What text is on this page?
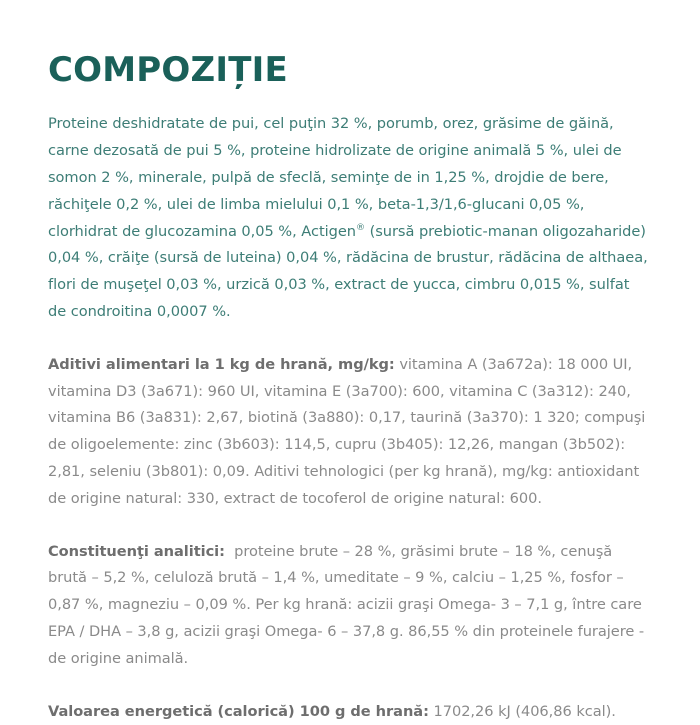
COMPOZIȚIE

Proteine deshidratate de pui, cel puţin 32 %, porumb, orez, grăsime de găină, carne dezosată de pui 5 %, proteine hidrolizate de origine animală 5 %, ulei de somon 2 %, minerale, pulpă de sfeclă, seminţe de in 1,25 %, drojdie de bere, răchiţele 0,2 %, ulei de limba mielului 0,1 %, beta-1,3/1,6-glucani 0,05 %, clorhidrat de glucozamina 0,05 %, Actigen® (sursă prebiotic-manan oligozaharide) 0,04 %, crăiţe (sursă de luteina) 0,04 %, rădăcina de brustur, rădăcina de althaea, flori de muşeţel 0,03 %, urzică 0,03 %, extract de yucca, cimbru 0,015 %, sulfat de condroitina 0,0007 %.

Aditivi alimentari la 1 kg de hrană, mg/kg: vitamina A (3a672a): 18 000 UI, vitamina D3 (3a671): 960 UI, vitamina E (3a700): 600, vitamina C (3a312): 240, vitamina B6 (3a831): 2,67, biotină (3a880): 0,17, taurină (3a370): 1 320; compuşi de oligoelemente: zinc (3b603): 114,5, cupru (3b405): 12,26, mangan (3b502): 2,81, seleniu (3b801): 0,09. Aditivi tehnologici (per kg hrană), mg/kg: antioxidant de origine natural: 330, extract de tocoferol de origine natural: 600.

Constituenţi analitici: proteine brute – 28 %, grăsimi brute – 18 %, cenuşă brută – 5,2 %, celuloză brută – 1,4 %, umeditate – 9 %, calciu – 1,25 %, fosfor – 0,87 %, magneziu – 0,09 %. Per kg hrană: acizii graşi Omega- 3 – 7,1 g, între care EPA / DHA – 3,8 g, acizii graşi Omega- 6 – 37,8 g. 86,55 % din proteinele furajere - de origine animală.

Valoarea energetică (calorică) 100 g de hrană: 1702,26 kJ (406,86 kcal).
